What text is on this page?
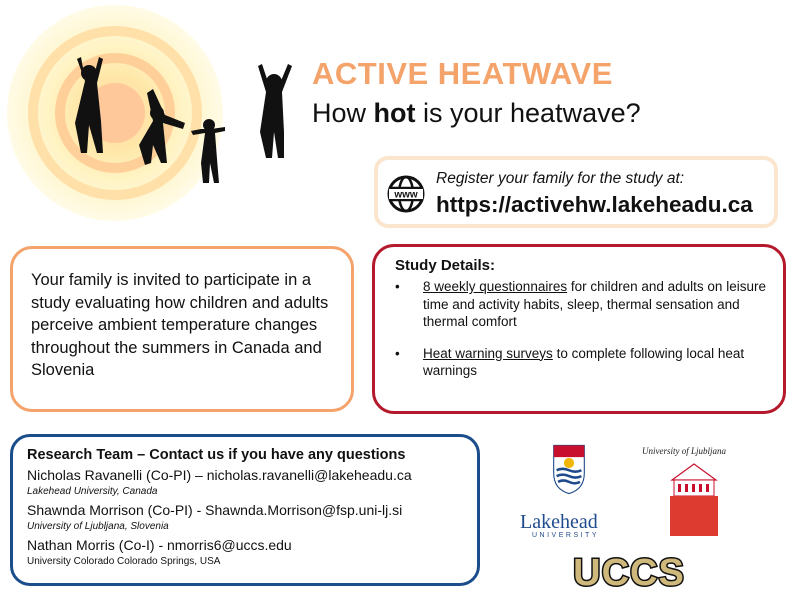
ACTIVE HEATWAVE
How hot is your heatwave?
www
Register your family for the study at:
https://activehw.lakeheadu.ca
Your family is invited to participate in a study evaluating how children and adults perceive ambient temperature changes throughout the summers in Canada and Slovenia
Study Details:
• 8 weekly questionnaires for children and adults on leisure time and activity habits, sleep, thermal sensation and thermal comfort
• Heat warning surveys to complete following local heat warnings
Research Team – Contact us if you have any questions
Nicholas Ravanelli (Co-PI) – nicholas.ravanelli@lakeheadu.ca
Lakehead University, Canada
Shawnda Morrison (Co-PI) - Shawnda.Morrison@fsp.uni-lj.si
University of Ljubljana, Slovenia
Nathan Morris (Co-I) - nmorris6@uccs.edu
University Colorado Colorado Springs, USA
Lakehead
UNIVERSITY
University of Ljubljana
UCCS
